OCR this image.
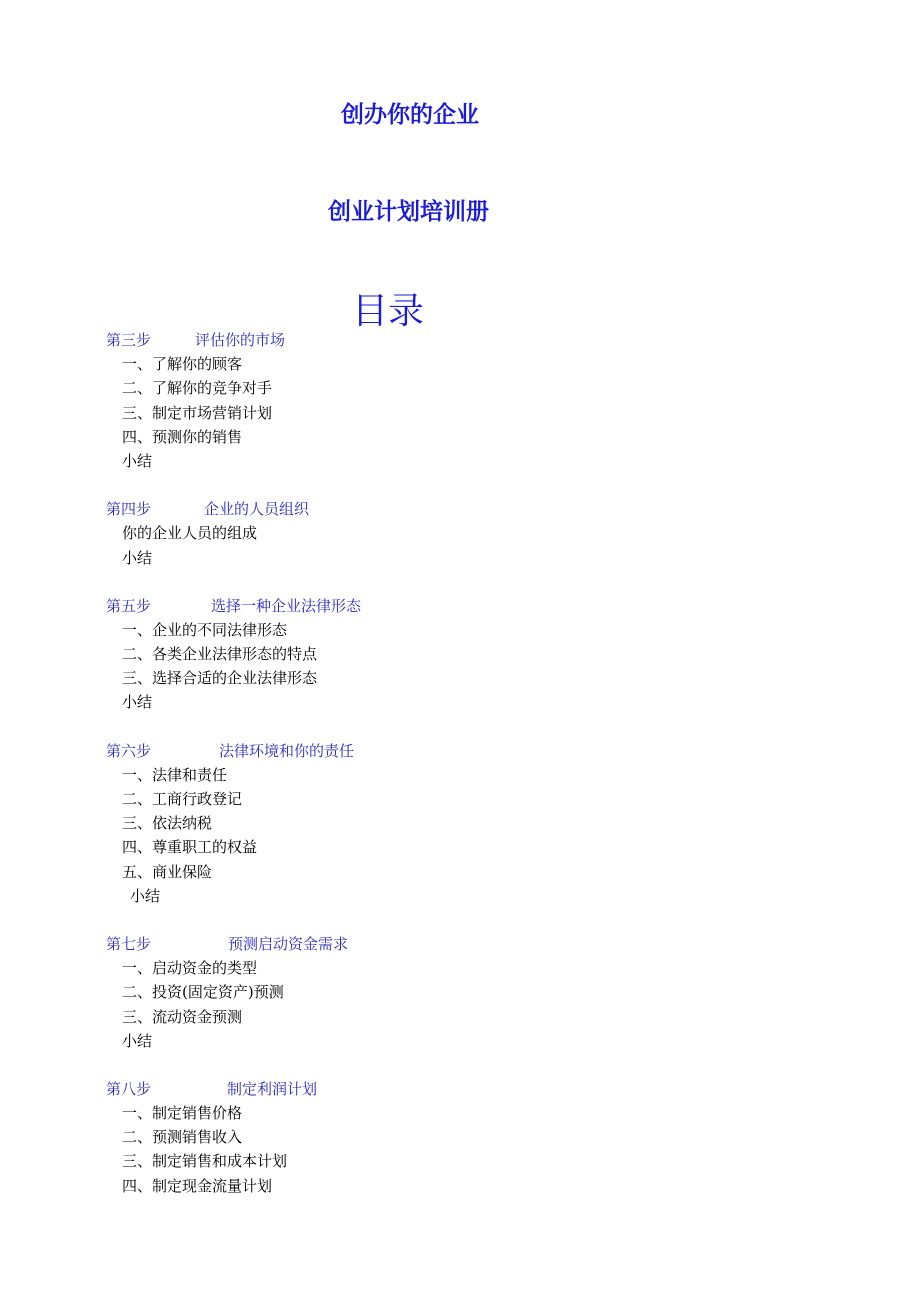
创办你的企业
创业计划培训册
目录
第三步	评估你的市场
一、了解你的顾客
二、了解你的竞争对手
三、制定市场营销计划
四、预测你的销售
小结
第四步	企业的人员组织
你的企业人员的组成
小结
第五步	选择一种企业法律形态
一、企业的不同法律形态
二、各类企业法律形态的特点
三、选择合适的企业法律形态
小结
第六步	法律环境和你的责任
一、法律和责任
二、工商行政登记
三、依法纳税
四、尊重职工的权益
五、商业保险
小结
第七步	预测启动资金需求
一、启动资金的类型
二、投资(固定资产)预测
三、流动资金预测
小结
第八步	制定利润计划
一、制定销售价格
二、预测销售收入
三、制定销售和成本计划
四、制定现金流量计划
